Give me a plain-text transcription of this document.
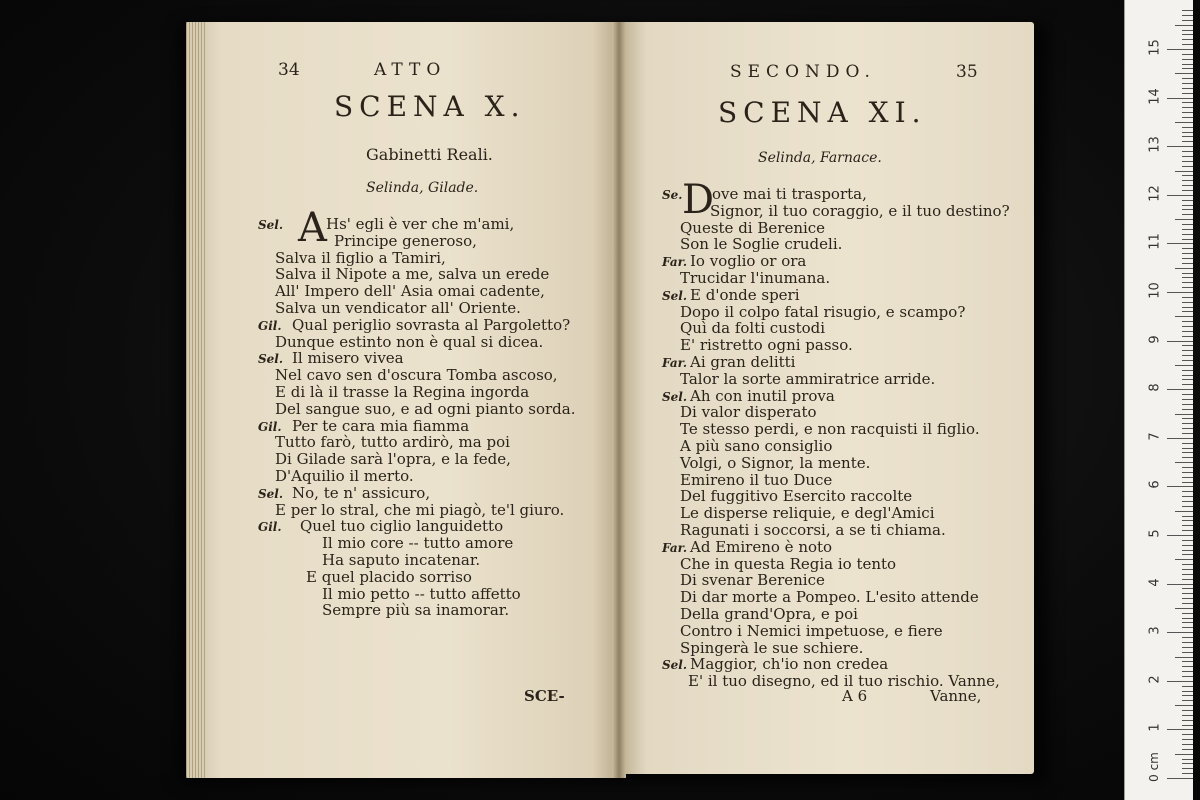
34	ATTO
SCENA X.
Gabinetti Reali.
Selinda, Gilade.
A
Sel.	Hs' egli è ver che m'ami,
Principe generoso,
Salva il figlio a Tamiri,
Salva il Nipote a me, salva un erede
All' Impero dell' Asia omai cadente,
Salva un vendicator all' Oriente.
Gil. Qual periglio sovrasta al Pargoletto?
Dunque estinto non è qual si dicea.
Sel. Il misero vivea
Nel cavo sen d'oscura Tomba ascoso,
E di là il trasse la Regina ingorda
Del sangue suo, e ad ogni pianto sorda.
Gil. Per te cara mia fiamma
Tutto farò, tutto ardirò, ma poi
Di Gilade sarà l'opra, e la fede,
D'Aquilio il merto.
Sel. No, te n' assicuro,
E per lo stral, che mi piagò, te'l giuro.
Gil. Quel tuo ciglio languidetto
Il mio core -- tutto amore
Ha saputo incatenar.
E quel placido sorriso
Il mio petto -- tutto affetto
Sempre più sa inamorar.
SCE-
SECONDO.	35
SCENA XI.
Selinda, Farnace.
D
Se. ove mai ti trasporta,
Signor, il tuo coraggio, e il tuo destino?
Queste di Berenice
Son le Soglie crudeli.
Far. Io voglio or ora
Trucidar l'inumana.
Sel. E d'onde speri
Dopo il colpo fatal risugio, e scampo?
Quì da folti custodi
E' ristretto ogni passo.
Far. Ai gran delitti
Talor la sorte ammiratrice arride.
Sel. Ah con inutil prova
Di valor disperato
Te stesso perdi, e non racquisti il figlio.
A più sano consiglio
Volgi, o Signor, la mente.
Emireno il tuo Duce
Del fuggitivo Esercito raccolte
Le disperse reliquie, e degl'Amici
Ragunati i soccorsi, a se ti chiama.
Far. Ad Emireno è noto
Che in questa Regia io tento
Di svenar Berenice
Di dar morte a Pompeo. L'esito attende
Della grand'Opra, e poi
Contro i Nemici impetuose, e fiere
Spingerà le sue schiere.
Sel. Maggior, ch'io non credea
E' il tuo disegno, ed il tuo rischio. Vanne,
A 6	Vanne,
1
2
3
4
5
6
7
8
9
10
11
12
13
14
15
0 cm
